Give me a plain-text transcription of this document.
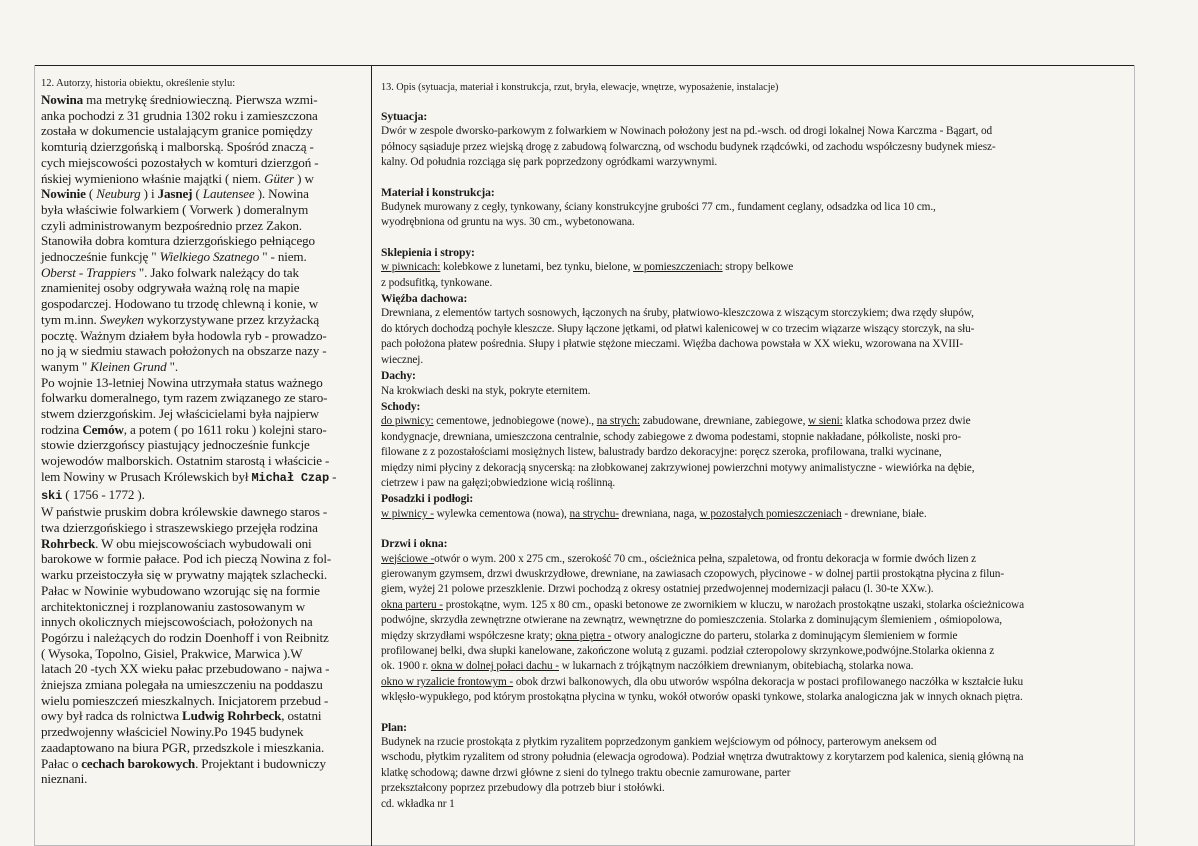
12. Autorzy, historia obiektu, określenie stylu:
Nowina ma metrykę średniowieczną. Pierwsza wzmi-
anka pochodzi z 31 grudnia 1302 roku i zamieszczona
została w dokumencie ustalającym granice pomiędzy
komturią dzierzgońską i malborską. Spośród znaczą -
cych miejscowości pozostałych w komturi dzierzgoń -
ńskiej wymieniono właśnie majątki ( niem. Güter ) w
Nowinie ( Neuburg ) i Jasnej ( Lautensee ). Nowina
była właściwie folwarkiem ( Vorwerk ) domeralnym
czyli administrowanym bezpośrednio przez Zakon.
Stanowiła dobra komtura dzierzgońskiego pełniącego
jednocześnie funkcję " Wielkiego Szatnego " - niem.
Oberst - Trappiers ". Jako folwark należący do tak
znamienitej osoby odgrywała ważną rolę na mapie
gospodarczej. Hodowano tu trzodę chlewną i konie, w
tym m.inn. Sweyken wykorzystywane przez krzyżacką
pocztę. Ważnym działem była hodowla ryb - prowadzo-
no ją w siedmiu stawach położonych na obszarze nazy -
wanym " Kleinen Grund ".
Po wojnie 13-letniej Nowina utrzymała status ważnego
folwarku domeralnego, tym razem związanego ze staro-
stwem dzierzgońskim. Jej właścicielami była najpierw
rodzina Cemów, a potem ( po 1611 roku ) kolejni staro-
stowie dzierzgońscy piastujący jednocześnie funkcje
wojewodów malborskich. Ostatnim starostą i właścicie -
lem Nowiny w Prusach Królewskich był Michał Czap -
ski ( 1756 - 1772 ).
W państwie pruskim dobra królewskie dawnego staros -
twa dzierzgońskiego i straszewskiego przejęła rodzina
Rohrbeck. W obu miejscowościach wybudowali oni
barokowe w formie pałace. Pod ich pieczą Nowina z fol-
warku przeistoczyła się w prywatny majątek szlachecki.
Pałac w Nowinie wybudowano wzorując się na formie
architektonicznej i rozplanowaniu zastosowanym w
innych okolicznych miejscowościach, położonych na
Pogórzu i należących do rodzin Doenhoff i von Reibnitz
( Wysoka, Topolno, Gisiel, Prakwice, Marwica ).W
latach 20 -tych XX wieku pałac przebudowano - najwa -
żniejsza zmiana polegała na umieszczeniu na poddaszu
wielu pomieszczeń mieszkalnych. Inicjatorem przebud -
owy był radca ds rolnictwa Ludwig Rohrbeck, ostatni
przedwojenny właściciel Nowiny.Po 1945 budynek
zaadaptowano na biura PGR, przedszkole i mieszkania.
Pałac o cechach barokowych. Projektant i budowniczy
nieznani.
13. Opis (sytuacja, materiał i konstrukcja, rzut, bryła, elewacje, wnętrze, wyposażenie, instalacje)
Sytuacja:
Dwór w zespole dworsko-parkowym z folwarkiem w Nowinach położony jest na pd.-wsch. od drogi lokalnej Nowa Karczma - Bągart, od
północy sąsiaduje przez wiejską drogę z zabudową folwarczną, od wschodu budynek rządcówki, od zachodu współczesny budynek miesz-
kalny. Od południa rozciąga się park poprzedzony ogródkami warzywnymi.
Materiał i konstrukcja:
Budynek murowany z cegły, tynkowany, ściany konstrukcyjne grubości 77 cm., fundament ceglany, odsadzka od lica 10 cm.,
wyodrębniona od gruntu na wys. 30 cm., wybetonowana.
Sklepienia i stropy:
w piwnicach: kolebkowe z lunetami, bez tynku, bielone, w pomieszczeniach: stropy belkowe
z podsufitką, tynkowane.
Więźba dachowa:
Drewniana, z elementów tartych sosnowych, łączonych na śruby, płatwiowo-kleszczowa z wiszącym storczykiem; dwa rzędy słupów,
do których dochodzą pochyłe kleszcze. Słupy łączone jętkami, od płatwi kalenicowej w co trzecim wiązarze wiszący storczyk, na słu-
pach położona płatew pośrednia. Słupy i płatwie stężone mieczami. Więźba dachowa powstała w XX wieku, wzorowana na XVIII-
wiecznej.
Dachy:
Na krokwiach deski na styk, pokryte eternitem.
Schody:
do piwnicy: cementowe, jednobiegowe (nowe)., na strych: zabudowane, drewniane, zabiegowe, w sieni: klatka schodowa przez dwie
kondygnacje, drewniana, umieszczona centralnie, schody zabiegowe z dwoma podestami, stopnie nakładane, półkoliste, noski pro-
filowane z z pozostałościami mosiężnych listew, balustrady bardzo dekoracyjne: poręcz szeroka, profilowana, tralki wycinane,
między nimi płyciny z dekoracją snycerską: na złobkowanej zakrzywionej powierzchni motywy animalistyczne - wiewiórka na dębie,
cietrzew i paw na gałęzi;obwiedzione wicią roślinną.
Posadzki i podłogi:
w piwnicy - wylewka cementowa (nowa), na strychu- drewniana, naga, w pozostałych pomieszczeniach - drewniane, białe.
Drzwi i okna:
wejściowe -otwór o wym. 200 x 275 cm., szerokość 70 cm., ościeżnica pełna, szpaletowa, od frontu dekoracja w formie dwóch lizen z
gierowanym gzymsem, drzwi dwuskrzydłowe, drewniane, na zawiasach czopowych, płycinowe - w dolnej partii prostokątna płycina z filun-
giem, wyżej 21 polowe przeszklenie. Drzwi pochodzą z okresy ostatniej przedwojennej modernizacji pałacu (l. 30-te XXw.).
okna parteru - prostokątne, wym. 125 x 80 cm., opaski betonowe ze zwornikiem w kluczu, w narożach prostokątne uszaki, stolarka ościeżnicowa
podwójne, skrzydła zewnętrzne otwierane na zewnątrz, wewnętrzne do pomieszczenia. Stolarka z dominującym ślemieniem , ośmiopolowa,
między skrzydłami współczesne kraty; okna piętra - otwory analogiczne do parteru, stolarka z dominującym ślemieniem w formie
profilowanej belki, dwa słupki kanelowane, zakończone wolutą z guzami. podział czteropolowy skrzynkowe,podwójne.Stolarka okienna z
ok. 1900 r. okna w dolnej połaci dachu - w lukarnach z trójkątnym naczółkiem drewnianym, obitebiachą, stolarka nowa.
okno w ryzalicie frontowym - obok drzwi balkonowych, dla obu utworów wspólna dekoracja w postaci profilowanego naczółka w kształcie łuku
wklęsło-wypukłego, pod którym prostokątna płycina w tynku, wokół otworów opaski tynkowe, stolarka analogiczna jak w innych oknach piętra.
Plan:
Budynek na rzucie prostokąta z płytkim ryzalitem poprzedzonym gankiem wejściowym od północy, parterowym aneksem od
wschodu, płytkim ryzalitem od strony południa (elewacja ogrodowa). Podział wnętrza dwutraktowy z korytarzem pod kalenica, sienią główną na
klatkę schodową; dawne drzwi główne z sieni do tylnego traktu obecnie zamurowane, parter
przekształcony poprzez przebudowy dla potrzeb biur i stołówki.
cd. wkładka nr 1
